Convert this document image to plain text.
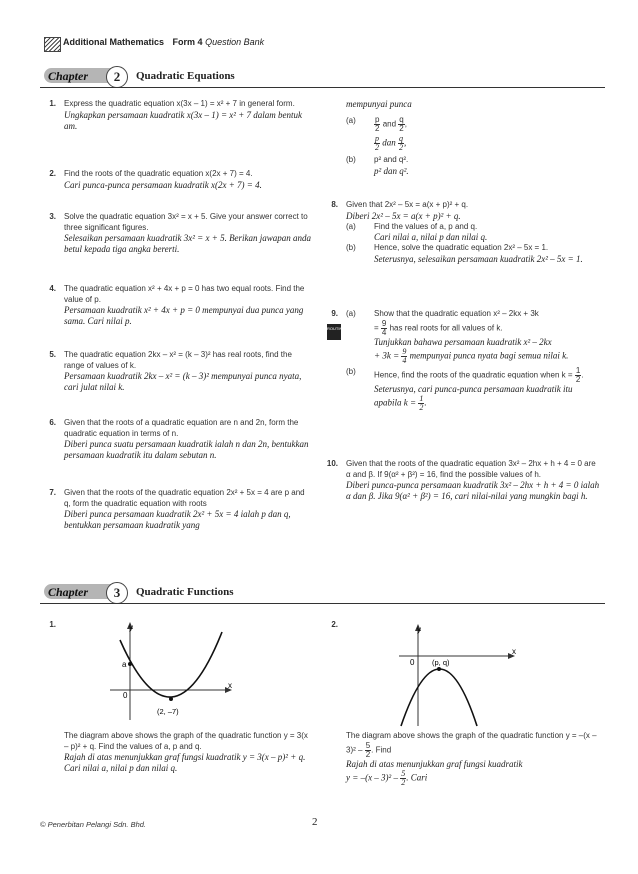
Additional Mathematics Form 4 Question Bank
Chapter	2	Quadratic Equations
1. Express the quadratic equation x(3x – 1) = x² + 7 in general form.
Ungkapkan persamaan kuadratik x(3x – 1) = x² + 7 dalam bentuk am.
2. Find the roots of the quadratic equation x(2x + 7) = 4.
Cari punca-punca persamaan kuadratik x(2x + 7) = 4.
3. Solve the quadratic equation 3x² = x + 5. Give your answer correct to three significant figures.
Selesaikan persamaan kuadratik 3x² = x + 5. Berikan jawapan anda betul kepada tiga angka bererti.
4. The quadratic equation x² + 4x + p = 0 has two equal roots. Find the value of p.
Persamaan kuadratik x² + 4x + p = 0 mempunyai dua punca yang sama. Cari nilai p.
5. The quadratic equation 2kx – x² = (k – 3)² has real roots, find the range of values of k.
Persamaan kuadratik 2kx – x² = (k – 3)² mempunyai punca nyata, cari julat nilai k.
6. Given that the roots of a quadratic equation are n and 2n, form the quadratic equation in terms of n.
Diberi punca suatu persamaan kuadratik ialah n dan 2n, bentukkan persamaan kuadratik itu dalam sebutan n.
7. Given that the roots of the quadratic equation 2x² + 5x = 4 are p and q, form the quadratic equation with roots
Diberi punca persamaan kuadratik 2x² + 5x = 4 ialah p dan q, bentukkan persamaan kuadratik yang
mempunyai punca
$(a) \frac{p}{2}$ and $\frac{q}{2}$ ,
$\frac{p}{2}$ dan $\frac{q}{2}$ ,
(b) p² and q².
p² dan q².
8. Given that 2x² – 5x = a(x + p)² + q.
Diberi 2x² – 5x = a(x + p)² + q.
(a) Find the values of a, p and q.
Cari nilai a, nilai p dan nilai q.
(b) Hence, solve the quadratic equation 2x² – 5x = 1.
Seterusnya, selesaikan persamaan kuadratik 2x² – 5x = 1.
ROUTINE
9. (a) Show that the quadratic equation x² – 2kx + 3k
= $\frac{9}{4}$ has real roots for all values of k.
Tunjukkan bahawa persamaan kuadratik x² – 2kx
+ $3k = \frac{9}{4}$ mempunyai punca nyata bagi semua nilai k.
(b) Hence, find the roots of the quadratic equation when $k = \frac{1}{2}$ .
Seterusnya, cari punca-punca persamaan kuadratik itu apabila $k = \frac{1}{2}$ .
10. Given that the roots of the quadratic equation 3x² – 2hx + h + 4 = 0 are α and β. If 9(α² + β²) = 16, find the possible values of h.
Diberi punca-punca persamaan kuadratik 3x² – 2hx + h + 4 = 0 ialah α dan β. Jika 9(α² + β²) = 16, cari nilai-nilai yang mungkin bagi h.
Chapter	3	Quadratic Functions
1.	y
x
a
0
(2, –7)
The diagram above shows the graph of the quadratic function y = 3(x – p)² + q. Find the values of a, p and q.
Rajah di atas menunjukkan graf fungsi kuadratik y = 3(x – p)² + q. Cari nilai a, nilai p dan nilai q.
2.
y
x
0 (p, q)
The diagram above shows the graph of the quadratic function $y = -(x - 3)^2 - \frac{5}{2}$ . Find
Rajah di atas menunjukkan graf fungsi kuadratik
$y = -(x - 3)^2 - \frac{5}{2}$ . Cari
© Penerbitan Pelangi Sdn. Bhd.	2
